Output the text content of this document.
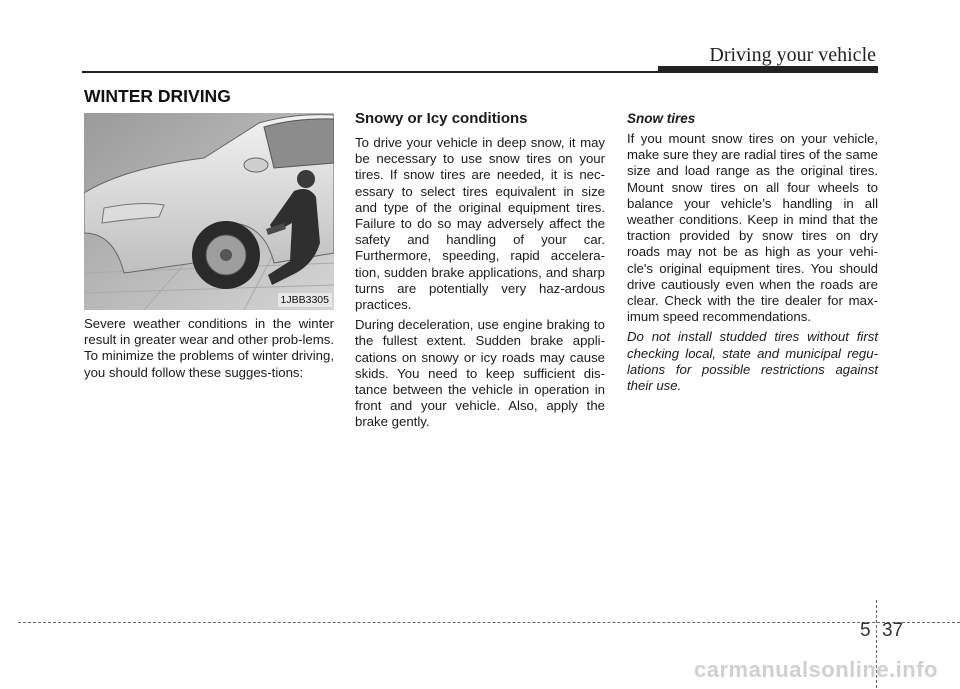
Driving your vehicle
WINTER DRIVING
1JBB3305

Severe weather conditions in the winter result in greater wear and other prob-lems. To minimize the problems of winter driving, you should follow these sugges-tions:

Snowy or Icy conditions

To drive your vehicle in deep snow, it may be necessary to use snow tires on your tires. If snow tires are needed, it is nec-essary to select tires equivalent in size and type of the original equipment tires. Failure to do so may adversely affect the safety and handling of your car. Furthermore, speeding, rapid accelera-tion, sudden brake applications, and sharp turns are potentially very haz-ardous practices.

During deceleration, use engine braking to the fullest extent. Sudden brake appli-cations on snowy or icy roads may cause skids. You need to keep sufficient dis-tance between the vehicle in operation in front and your vehicle. Also, apply the brake gently.

Snow tires

If you mount snow tires on your vehicle, make sure they are radial tires of the same size and load range as the original tires. Mount snow tires on all four wheels to balance your vehicle’s handling in all weather conditions. Keep in mind that the traction provided by snow tires on dry roads may not be as high as your vehi-cle's original equipment tires. You should drive cautiously even when the roads are clear. Check with the tire dealer for max-imum speed recommendations.

Do not install studded tires without first checking local, state and municipal regu-lations for possible restrictions against their use.

5 37
carmanualsonline.info
